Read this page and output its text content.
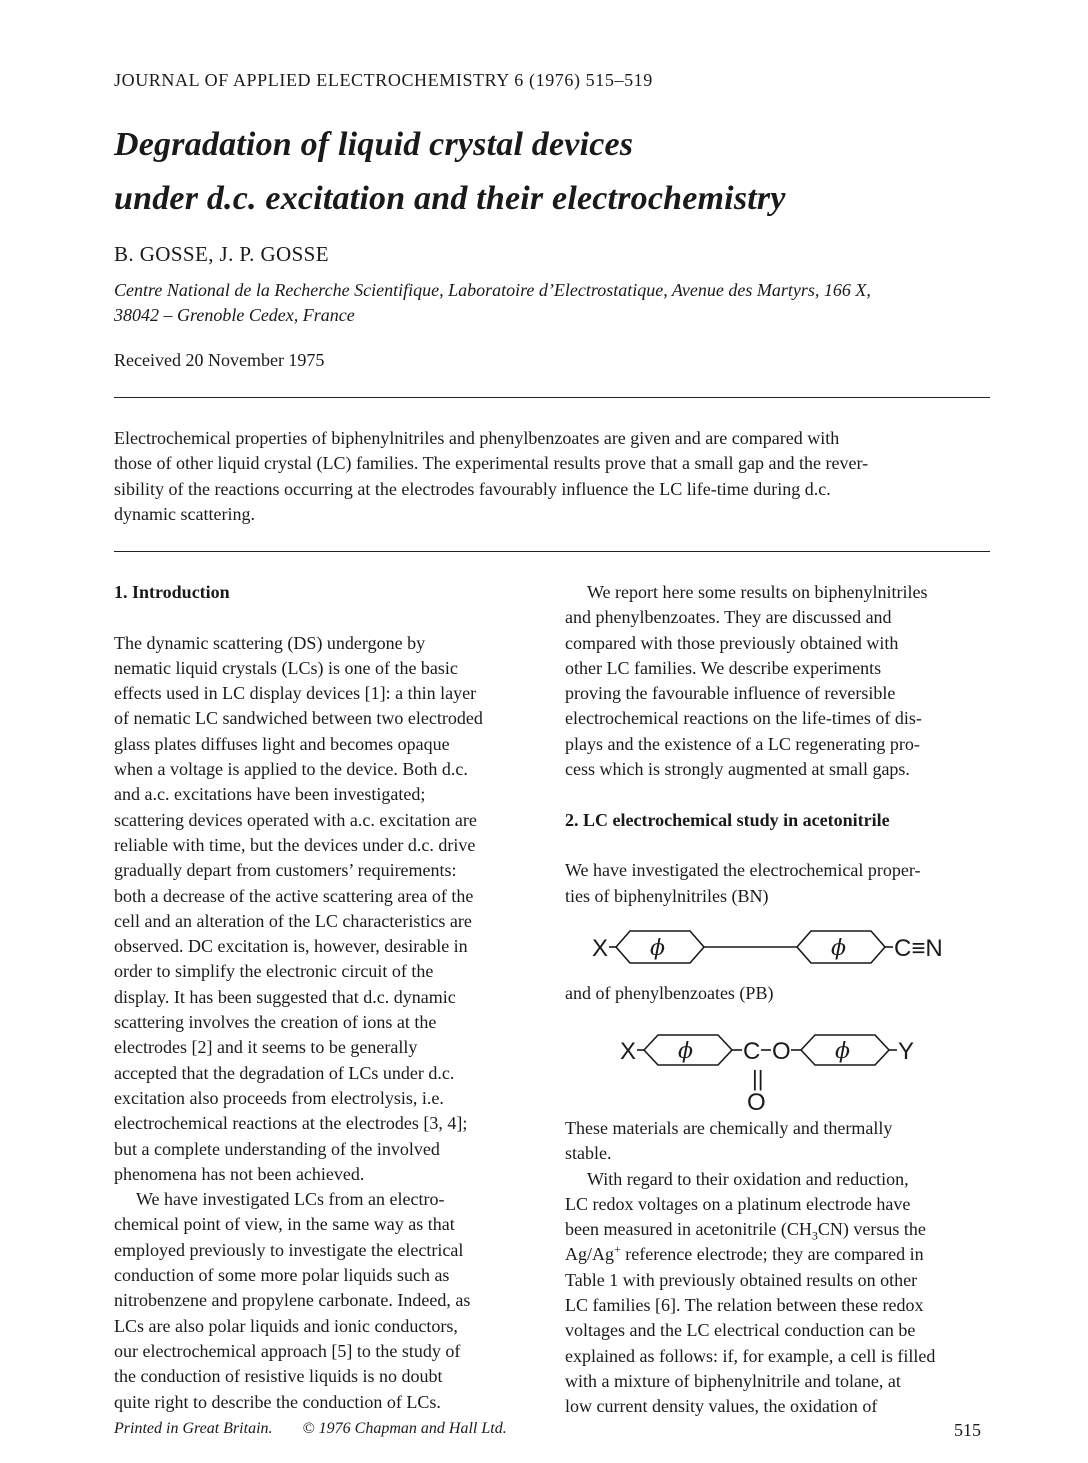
JOURNAL OF APPLIED ELECTROCHEMISTRY 6 (1976) 515–519
Degradation of liquid crystal devices
under d.c. excitation and their electrochemistry
B. GOSSE, J. P. GOSSE
Centre National de la Recherche Scientifique, Laboratoire d’Electrostatique, Avenue des Martyrs, 166 X,
38042 – Grenoble Cedex, France
Received 20 November 1975
Electrochemical properties of biphenylnitriles and phenylbenzoates are given and are compared with
those of other liquid crystal (LC) families. The experimental results prove that a small gap and the rever-
sibility of the reactions occurring at the electrodes favourably influence the LC life-time during d.c.
dynamic scattering.
1. Introduction
The dynamic scattering (DS) undergone by
nematic liquid crystals (LCs) is one of the basic
effects used in LC display devices [1]: a thin layer
of nematic LC sandwiched between two electroded
glass plates diffuses light and becomes opaque
when a voltage is applied to the device. Both d.c.
and a.c. excitations have been investigated;
scattering devices operated with a.c. excitation are
reliable with time, but the devices under d.c. drive
gradually depart from customers’ requirements:
both a decrease of the active scattering area of the
cell and an alteration of the LC characteristics are
observed. DC excitation is, however, desirable in
order to simplify the electronic circuit of the
display. It has been suggested that d.c. dynamic
scattering involves the creation of ions at the
electrodes [2] and it seems to be generally
accepted that the degradation of LCs under d.c.
excitation also proceeds from electrolysis, i.e.
electrochemical reactions at the electrodes [3, 4];
but a complete understanding of the involved
phenomena has not been achieved.
We have investigated LCs from an electro-
chemical point of view, in the same way as that
employed previously to investigate the electrical
conduction of some more polar liquids such as
nitrobenzene and propylene carbonate. Indeed, as
LCs are also polar liquids and ionic conductors,
our electrochemical approach [5] to the study of
the conduction of resistive liquids is no doubt
quite right to describe the conduction of LCs.
We report here some results on biphenylnitriles
and phenylbenzoates. They are discussed and
compared with those previously obtained with
other LC families. We describe experiments
proving the favourable influence of reversible
electrochemical reactions on the life-times of dis-
plays and the existence of a LC regenerating pro-
cess which is strongly augmented at small gaps.
2. LC electrochemical study in acetonitrile
We have investigated the electrochemical proper-
ties of biphenylnitriles (BN)
X ϕ	ϕ C≡N
and of phenylbenzoates (PB)
X ϕ C
||
O
O ϕ Y
These materials are chemically and thermally
stable.
With regard to their oxidation and reduction,
LC redox voltages on a platinum electrode have
been measured in acetonitrile $(CH_3CN)$ versus the
Ag/Ag+ reference electrode; they are compared in
Table 1 with previously obtained results on other
LC families [6]. The relation between these redox
voltages and the LC electrical conduction can be
explained as follows: if, for example, a cell is filled
with a mixture of biphenylnitrile and tolane, at
low current density values, the oxidation of
Printed in Great Britain. © 1976 Chapman and Hall Ltd.	515
